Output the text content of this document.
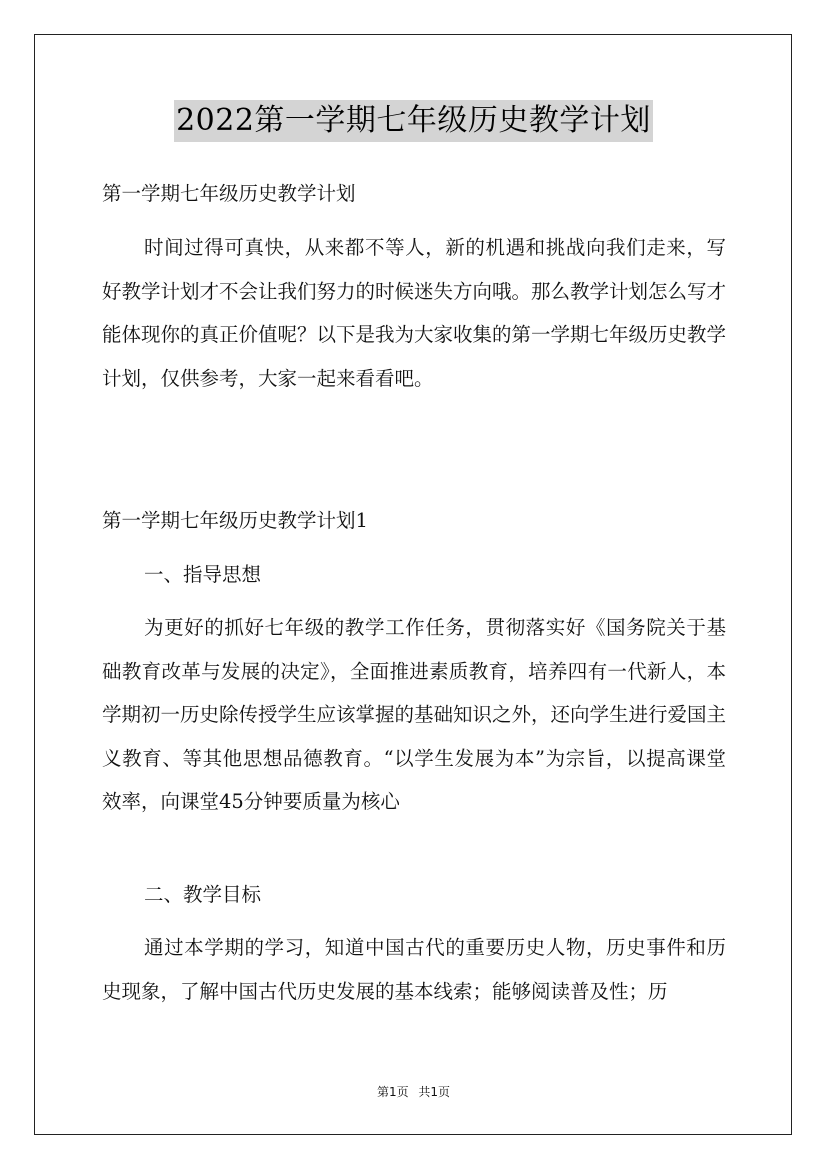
2022第一学期七年级历史教学计划

第一学期七年级历史教学计划

时间过得可真快，从来都不等人，新的机遇和挑战向我们走来，写好教学计划才不会让我们努力的时候迷失方向哦。那么教学计划怎么写才能体现你的真正价值呢？以下是我为大家收集的第一学期七年级历史教学计划，仅供参考，大家一起来看看吧。

第一学期七年级历史教学计划1

一、指导思想

为更好的抓好七年级的教学工作任务，贯彻落实好《国务院关于基础教育改革与发展的决定》，全面推进素质教育，培养四有一代新人，本学期初一历史除传授学生应该掌握的基础知识之外，还向学生进行爱国主义教育、等其他思想品德教育。“以学生发展为本”为宗旨，以提高课堂效率，向课堂45分钟要质量为核心

二、教学目标

通过本学期的学习，知道中国古代的重要历史人物，历史事件和历史现象，了解中国古代历史发展的基本线索；能够阅读普及性；历

第1页 共1页
